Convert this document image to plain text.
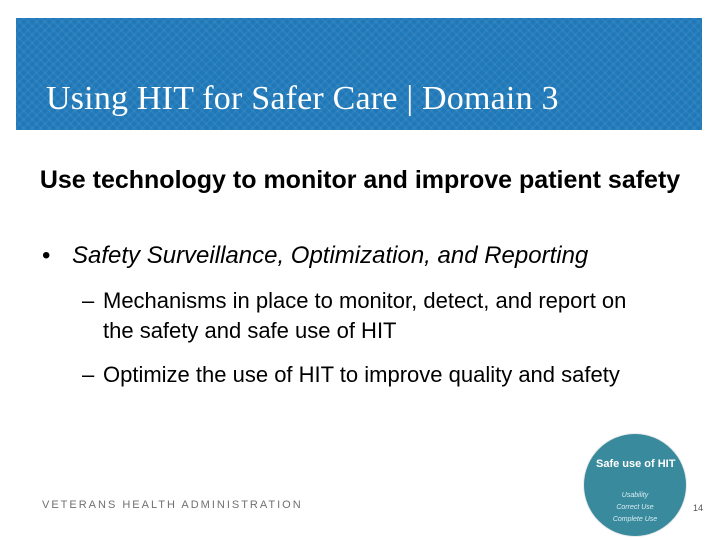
Using HIT for Safer Care | Domain 3
Use technology to monitor and improve patient safety
• Safety Surveillance, Optimization, and Reporting
– Mechanisms in place to monitor, detect, and report on the safety and safe use of HIT
– Optimize the use of HIT to improve quality and safety
VETERANS HEALTH ADMINISTRATION
Safe use of HIT
Usability
Correct Use
Complete Use
14
